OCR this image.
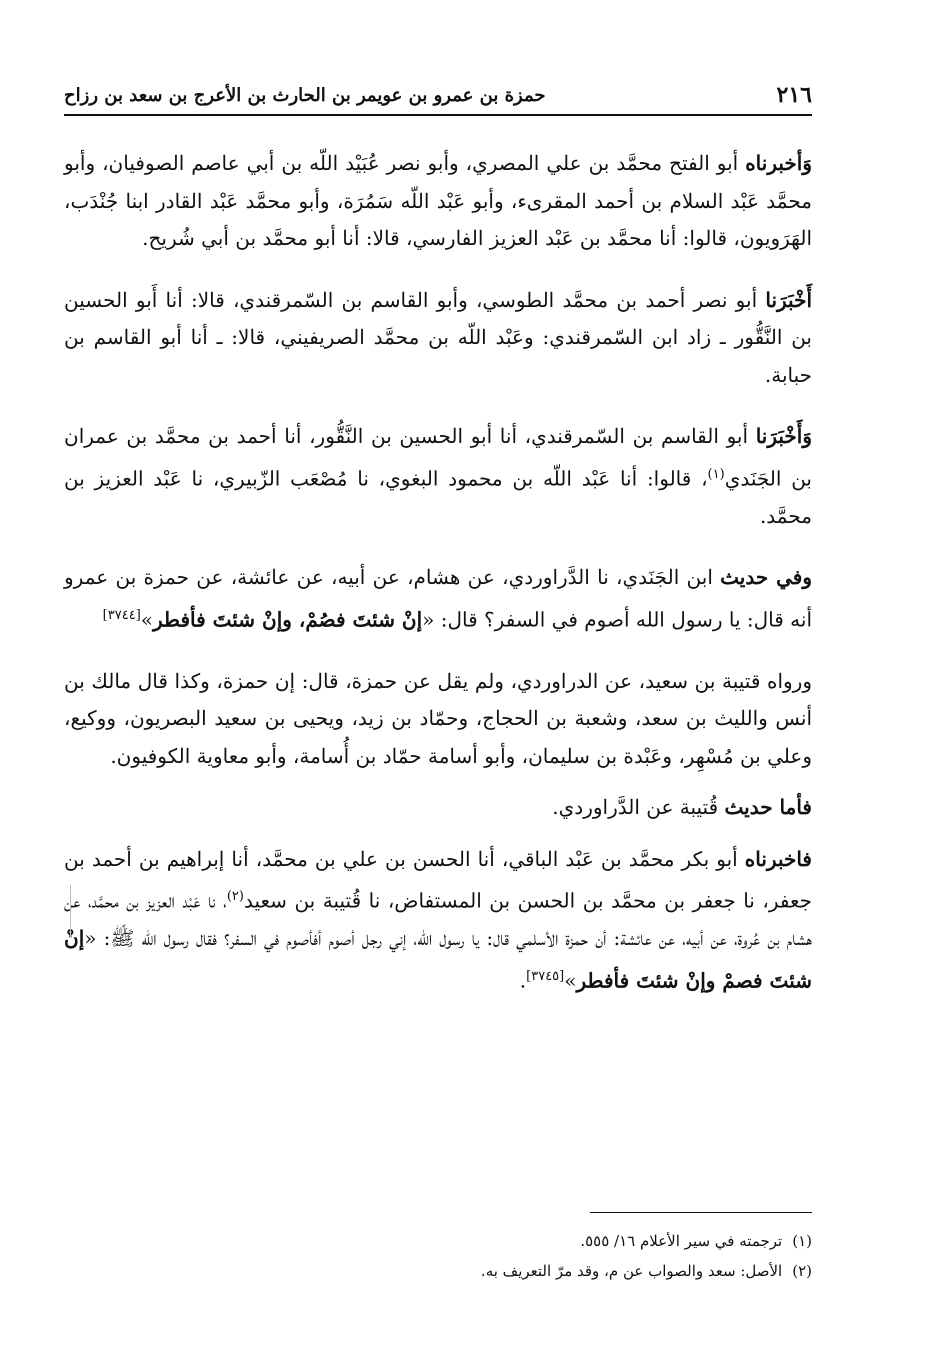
٢١٦
حمزة بن عمرو بن عويمر بن الحارث بن الأعرج بن سعد بن رزاح

وَأخبرناه أبو الفتح محمَّد بن علي المصري، وأبو نصر عُبَيْد اللّه بن أبي عاصم الصوفيان، وأبو محمَّد عَبْد السلام بن أحمد المقرىء، وأبو عَبْد اللّه سَمُرَة، وأبو محمَّد عَبْد القادر ابنا جُنْدَب، الهَرَويون، قالوا: أنا محمَّد بن عَبْد العزيز الفارسي، قالا: أنا أبو محمَّد بن أبي شُريح.

أَخْبَرَنا أبو نصر أحمد بن محمَّد الطوسي، وأبو القاسم بن السّمرقندي، قالا: أنا أَبو الحسين بن النَّقُّور ـ زاد ابن السّمرقندي: وعَبْد اللّه بن محمَّد الصريفيني، قالا: ـ أنا أبو القاسم بن حبابة.

وَأَخْبَرَنا أبو القاسم بن السّمرقندي، أنا أبو الحسين بن النَّقُّور، أنا أحمد بن محمَّد بن عمران بن الجَنَدي$^{(١)}$، قالوا: أنا عَبْد اللّه بن محمود البغوي، نا مُصْعَب الزّبيري، نا عَبْد العزيز بن محمَّد.

وفي حديث ابن الجَنَدي، نا الدَّراوردي، عن هشام، عن أبيه، عن عائشة، عن حمزة بن عمرو أنه قال: يا رسول الله أصوم في السفر؟ قال: «إنْ شئتَ فصُمْ، وإنْ شئتَ فأفطر»[٣٧٤٤]

ورواه قتيبة بن سعيد، عن الدراوردي، ولم يقل عن حمزة، قال: إن حمزة، وكذا قال مالك بن أنس والليث بن سعد، وشعبة بن الحجاج، وحمّاد بن زيد، ويحيى بن سعيد البصريون، ووكيع، وعلي بن مُسْهِر، وعَبْدة بن سليمان، وأبو أسامة حمّاد بن أُسامة، وأبو معاوية الكوفيون.

فأما حديث قُتيبة عن الدَّراوردي.

فاخبرناه أبو بكر محمَّد بن عَبْد الباقي، أنا الحسن بن علي بن محمَّد، أنا إبراهيم بن أحمد بن جعفر، نا جعفر بن محمَّد بن الحسن بن المستفاض، نا قُتيبة بن سعيد$^{(٢)}$، نا عَبْد العزيز بن محمَّد، عن هشام بن عُروة، عن أبيه، عن عائشة: أن حمزة الأسلمي قال: يا رسول الله، إني رجل أصوم أفأصوم في السفر؟ فقال رسول الله ﷺ: «إنْ شئتَ فصمْ وإنْ شئتَ فأفطر»[٣٧٤٥].

(١)ترجمته في سير الأعلام ١٦/ ٥٥٥.

(٢)الأصل: سعد والصواب عن م، وقد مرّ التعريف به.
